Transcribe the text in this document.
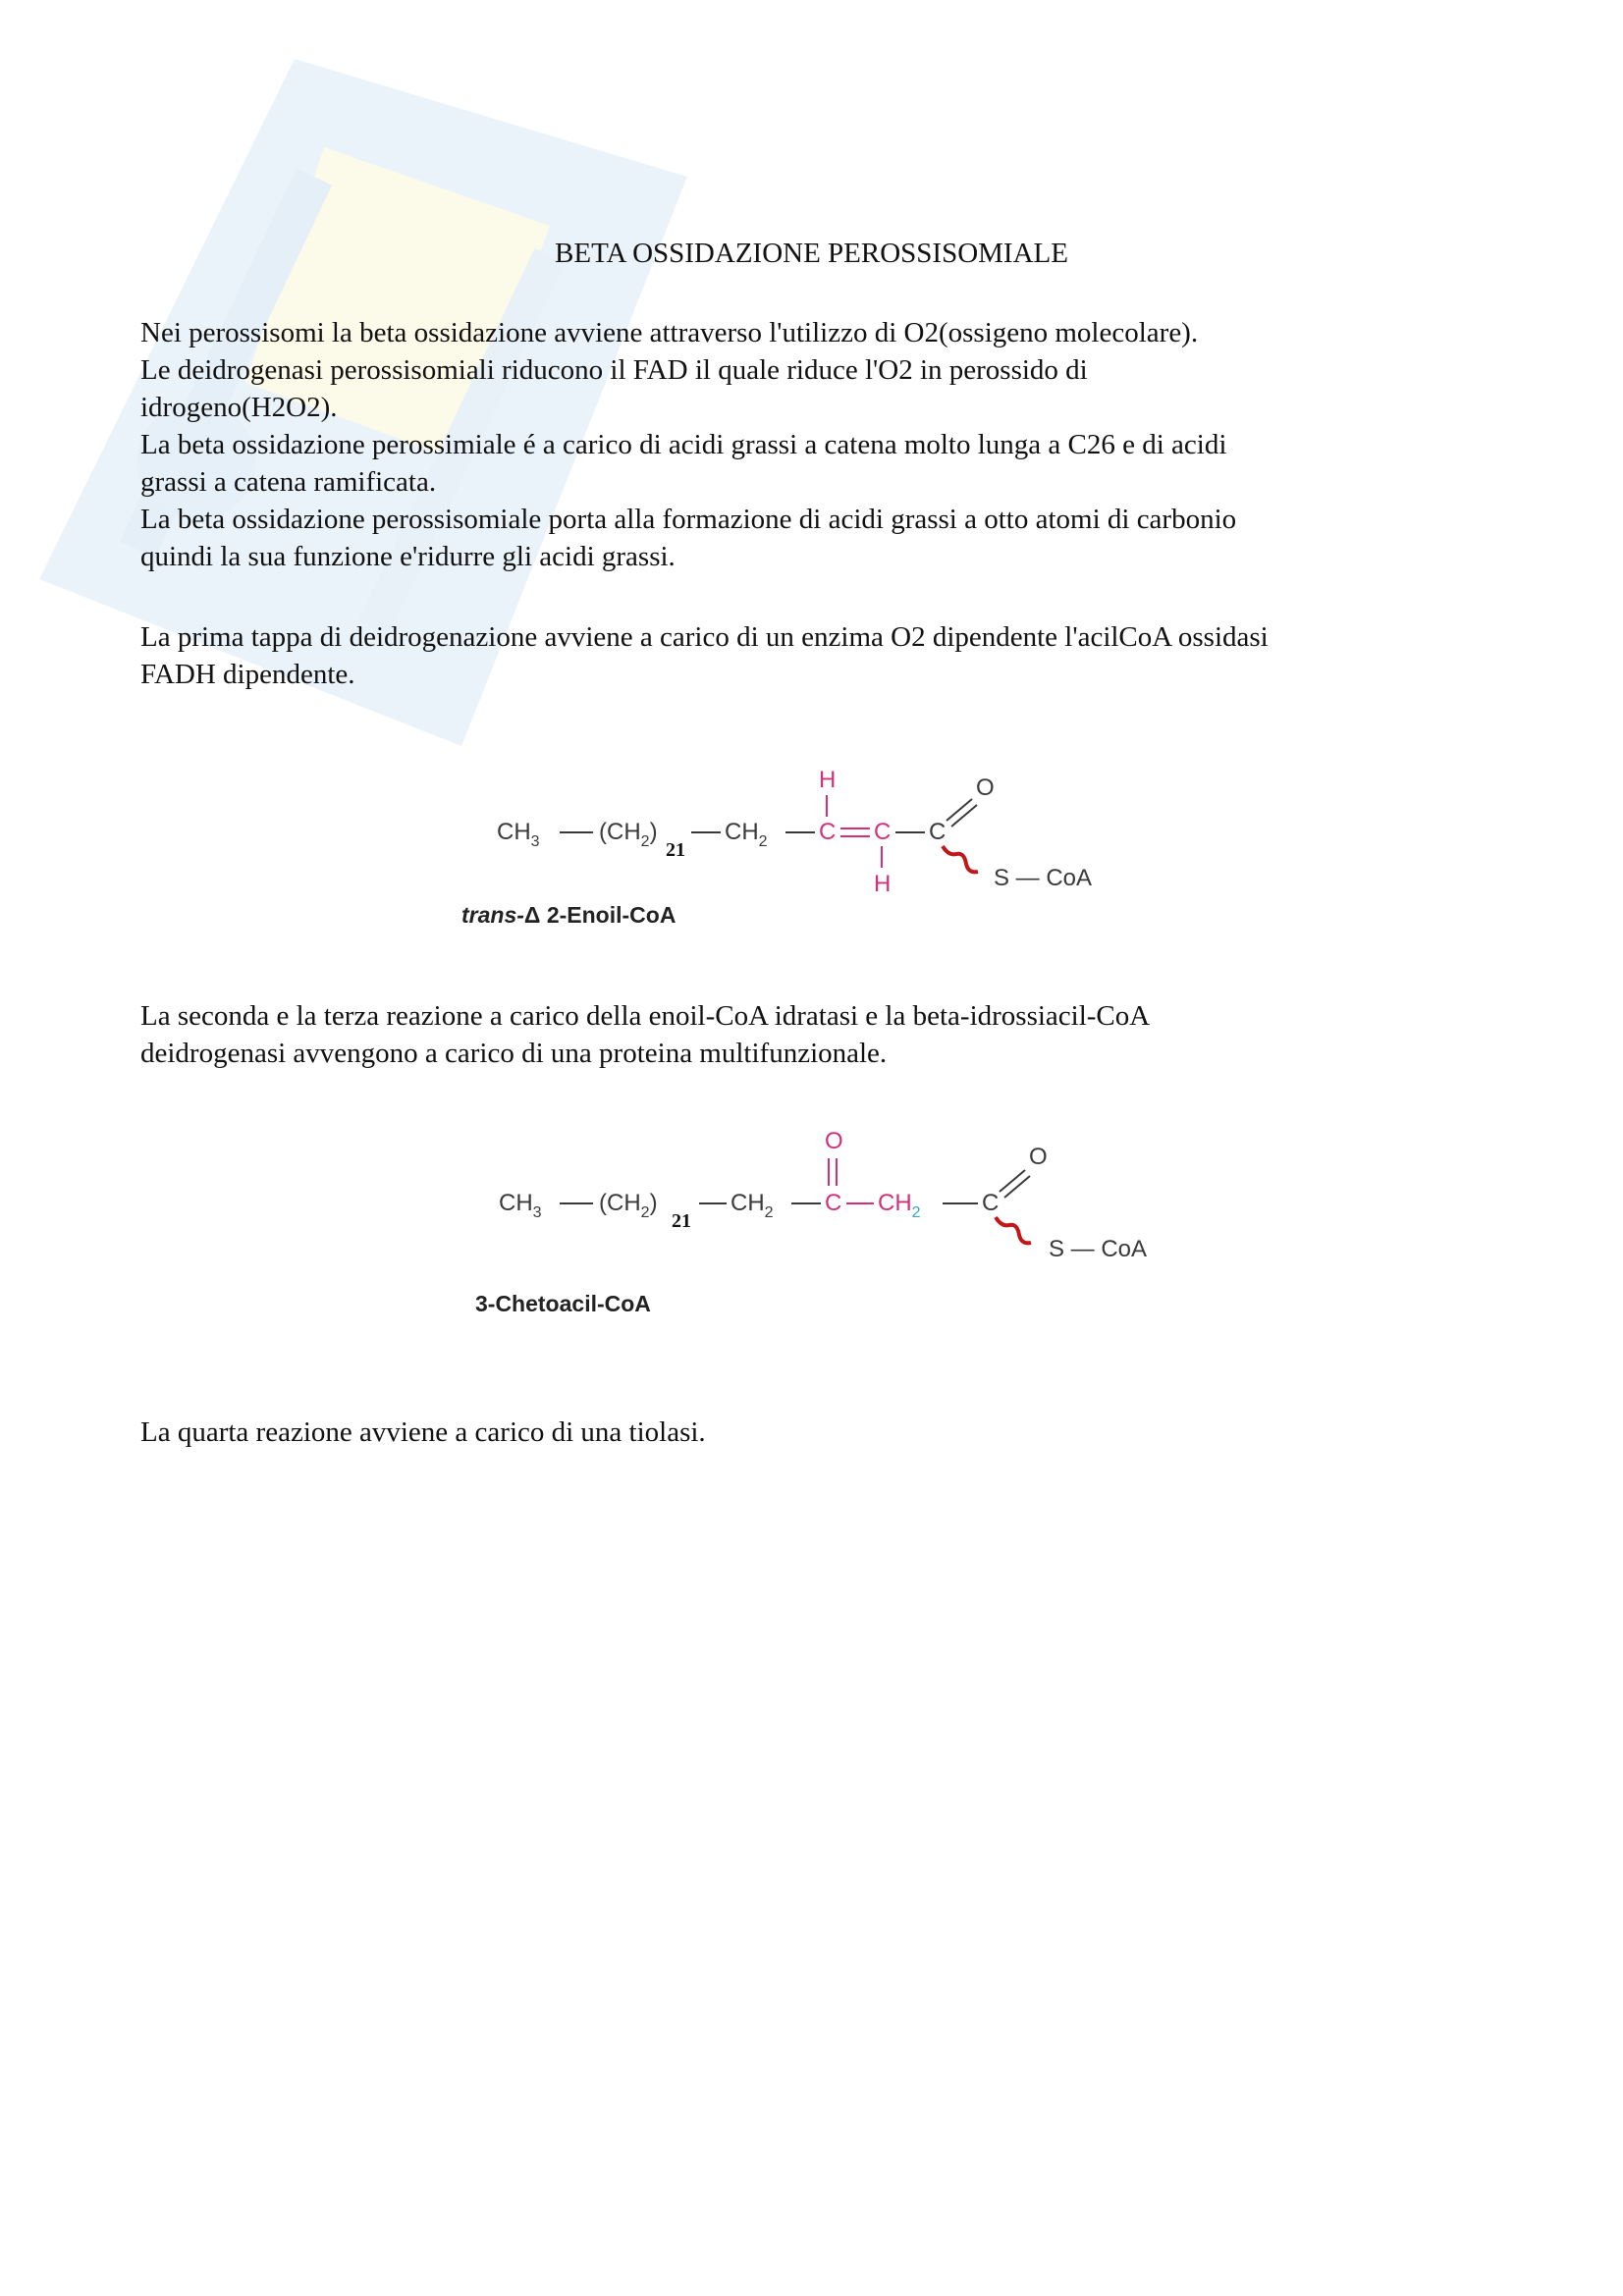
BETA OSSIDAZIONE PEROSSISOMIALE
Nei perossisomi la beta ossidazione avviene attraverso l'utilizzo di O2(ossigeno molecolare).
Le deidrogenasi perossisomiali riducono il FAD il quale riduce l'O2 in perossido di
idrogeno(H2O2).
La beta ossidazione perossimiale é a carico di acidi grassi a catena molto lunga a C26 e di acidi
grassi a catena ramificata.
La beta ossidazione perossisomiale porta alla formazione di acidi grassi a otto atomi di carbonio
quindi la sua funzione e'ridurre gli acidi grassi.
La prima tappa di deidrogenazione avviene a carico di un enzima O2 dipendente l'acilCoA ossidasi
FADH dipendente.
$CH_3$	$(CH_2)$
21
$CH_2$ C
H
C
H
C
O
S — CoA
trans-Δ 2-Enoil-CoA
La seconda e la terza reazione a carico della enoil-CoA idratasi e la beta-idrossiacil-CoA
deidrogenasi avvengono a carico di una proteina multifunzionale.
$CH_3$ $(CH_2)$
21
$CH_2$ C
O
$CH_2$	C
O
S — CoA
3-Chetoacil-CoA
La quarta reazione avviene a carico di una tiolasi.
